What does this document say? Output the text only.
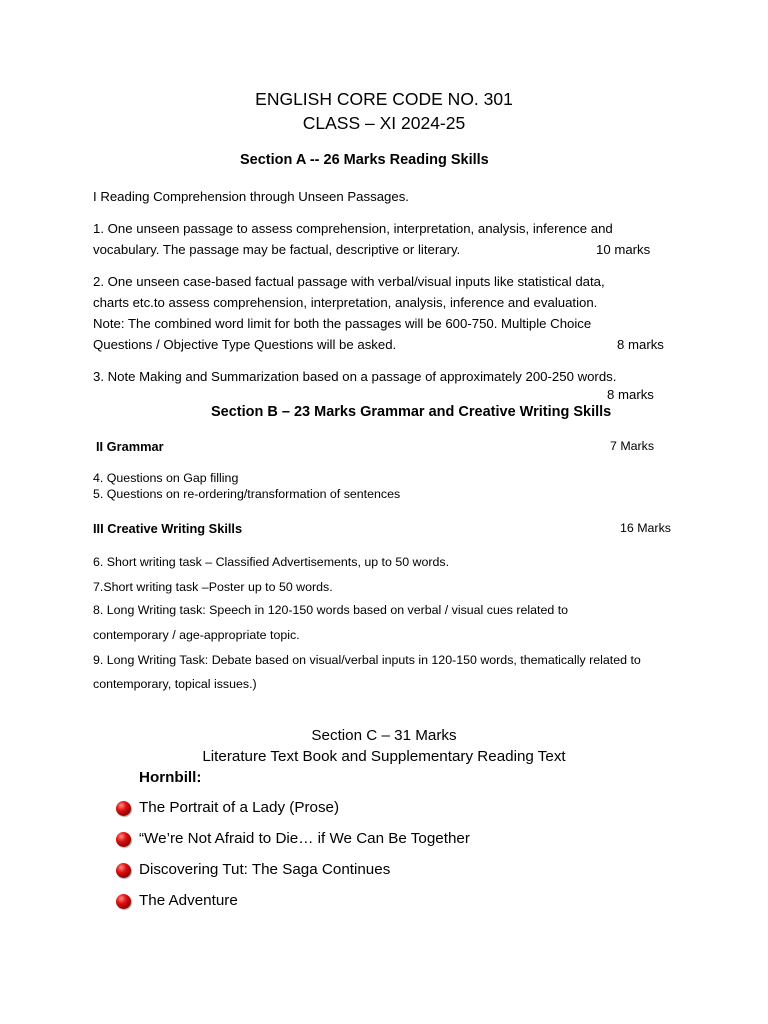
ENGLISH CORE CODE NO. 301
CLASS – XI 2024-25
Section A -- 26 Marks Reading Skills
I Reading Comprehension through Unseen Passages.
1. One unseen passage to assess comprehension, interpretation, analysis, inference and
vocabulary. The passage may be factual, descriptive or literary.	10 marks
2. One unseen case-based factual passage with verbal/visual inputs like statistical data,
charts etc.to assess comprehension, interpretation, analysis, inference and evaluation.
Note: The combined word limit for both the passages will be 600-750. Multiple Choice
Questions / Objective Type Questions will be asked.	8 marks
3. Note Making and Summarization based on a passage of approximately 200-250 words.
8 marks
Section B – 23 Marks Grammar and Creative Writing Skills
II Grammar	7 Marks
4. Questions on Gap filling
5. Questions on re-ordering/transformation of sentences
III Creative Writing Skills	16 Marks
6. Short writing task – Classified Advertisements, up to 50 words.
7.Short writing task –Poster up to 50 words.
8. Long Writing task: Speech in 120-150 words based on verbal / visual cues related to
contemporary / age-appropriate topic.
9. Long Writing Task: Debate based on visual/verbal inputs in 120-150 words, thematically related to
contemporary, topical issues.)
Section C – 31 Marks
Literature Text Book and Supplementary Reading Text
Hornbill:
The Portrait of a Lady (Prose)
“We’re Not Afraid to Die… if We Can Be Together
Discovering Tut: The Saga Continues
The Adventure
